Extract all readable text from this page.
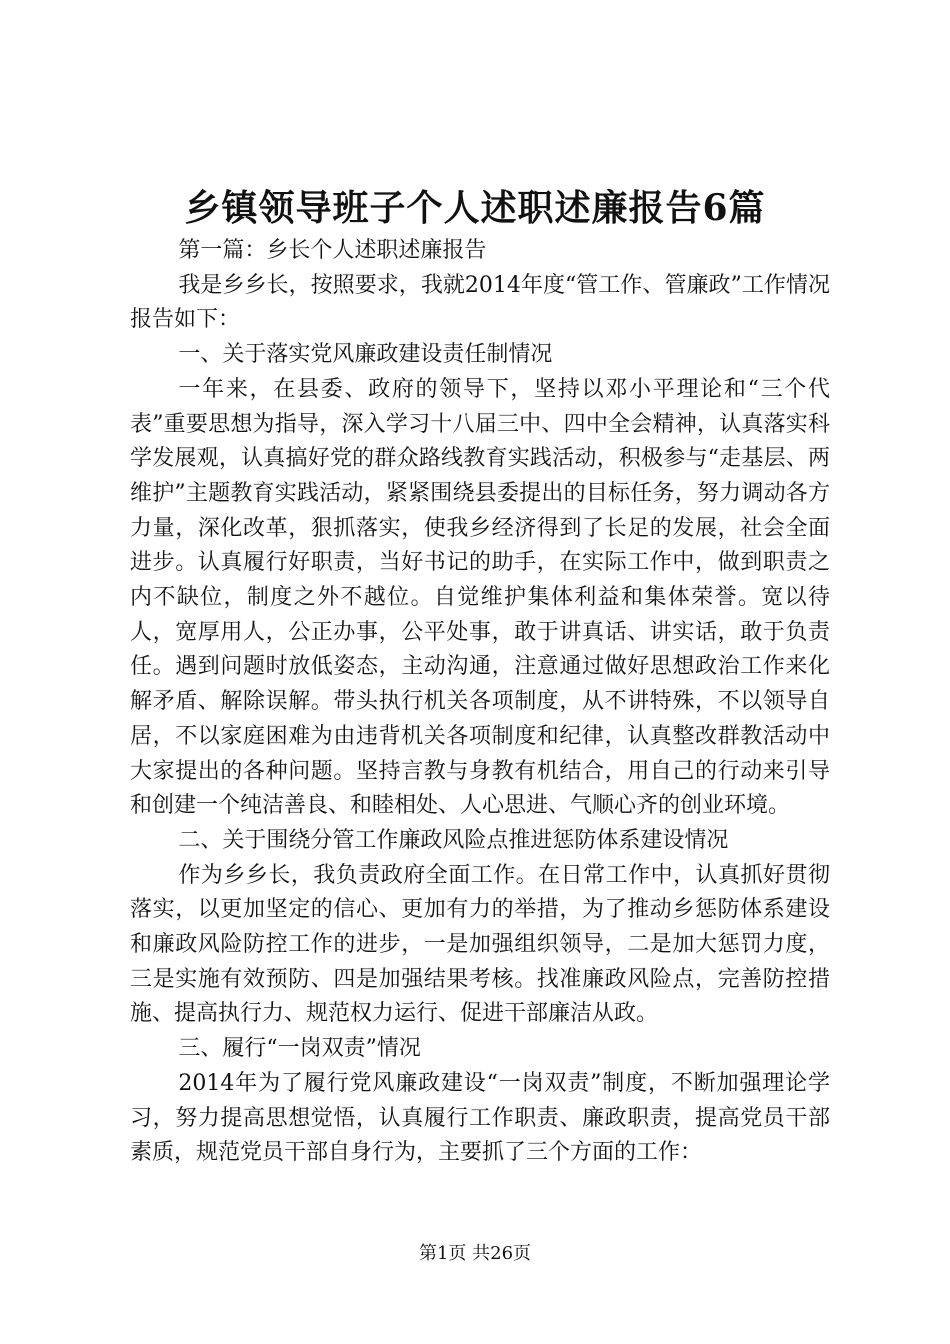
乡镇领导班子个人述职述廉报告6篇

第一篇：乡长个人述职述廉报告

我是乡乡长，按照要求，我就2014年度“管工作、管廉政”工作情况报告如下：

一、关于落实党风廉政建设责任制情况

一年来，在县委、政府的领导下，坚持以邓小平理论和“三个代表”重要思想为指导，深入学习十八届三中、四中全会精神，认真落实科学发展观，认真搞好党的群众路线教育实践活动，积极参与“走基层、两维护”主题教育实践活动，紧紧围绕县委提出的目标任务，努力调动各方力量，深化改革，狠抓落实，使我乡经济得到了长足的发展，社会全面进步。认真履行好职责，当好书记的助手，在实际工作中，做到职责之内不缺位，制度之外不越位。自觉维护集体利益和集体荣誉。宽以待人，宽厚用人，公正办事，公平处事，敢于讲真话、讲实话，敢于负责任。遇到问题时放低姿态，主动沟通，注意通过做好思想政治工作来化解矛盾、解除误解。带头执行机关各项制度，从不讲特殊，不以领导自居，不以家庭困难为由违背机关各项制度和纪律，认真整改群教活动中大家提出的各种问题。坚持言教与身教有机结合，用自己的行动来引导和创建一个纯洁善良、和睦相处、人心思进、气顺心齐的创业环境。

二、关于围绕分管工作廉政风险点推进惩防体系建设情况

作为乡乡长，我负责政府全面工作。在日常工作中，认真抓好贯彻落实，以更加坚定的信心、更加有力的举措，为了推动乡惩防体系建设和廉政风险防控工作的进步，一是加强组织领导，二是加大惩罚力度，三是实施有效预防、四是加强结果考核。找准廉政风险点，完善防控措施、提高执行力、规范权力运行、促进干部廉洁从政。

三、履行“一岗双责”情况

2014年为了履行党风廉政建设“一岗双责”制度，不断加强理论学习，努力提高思想觉悟，认真履行工作职责、廉政职责，提高党员干部素质，规范党员干部自身行为，主要抓了三个方面的工作：

第1页 共26页
